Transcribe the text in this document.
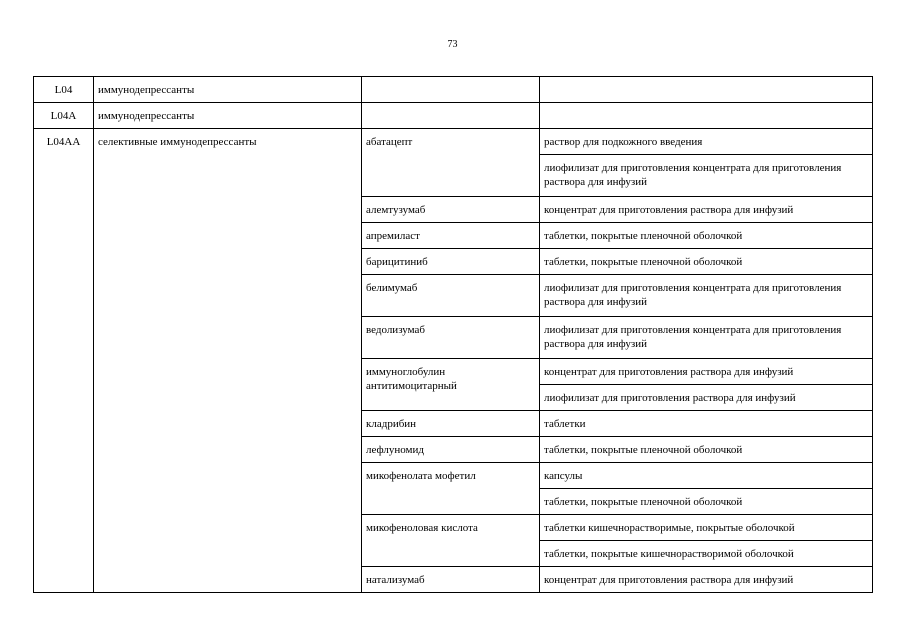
73
L04	иммунодепрессанты		
L04A	иммунодепрессанты		
L04AA	селективные иммунодепрессанты	абатацепт	раствор для подкожного введения
			лиофилизат для приготовления концентрата для приготовления раствора для инфузий
		алемтузумаб	концентрат для приготовления раствора для инфузий
		апремиласт	таблетки, покрытые пленочной оболочкой
		барицитиниб	таблетки, покрытые пленочной оболочкой
		белимумаб	лиофилизат для приготовления концентрата для приготовления раствора для инфузий
		ведолизумаб	лиофилизат для приготовления концентрата для приготовления раствора для инфузий
		иммуноглобулин антитимоцитарный	концентрат для приготовления раствора для инфузий
			лиофилизат для приготовления раствора для инфузий
		кладрибин	таблетки
		лефлуномид	таблетки, покрытые пленочной оболочкой
		микофенолата мофетил	капсулы
			таблетки, покрытые пленочной оболочкой
		микофеноловая кислота	таблетки кишечнорастворимые, покрытые оболочкой
			таблетки, покрытые кишечнорастворимой оболочкой
		натализумаб	концентрат для приготовления раствора для инфузий
